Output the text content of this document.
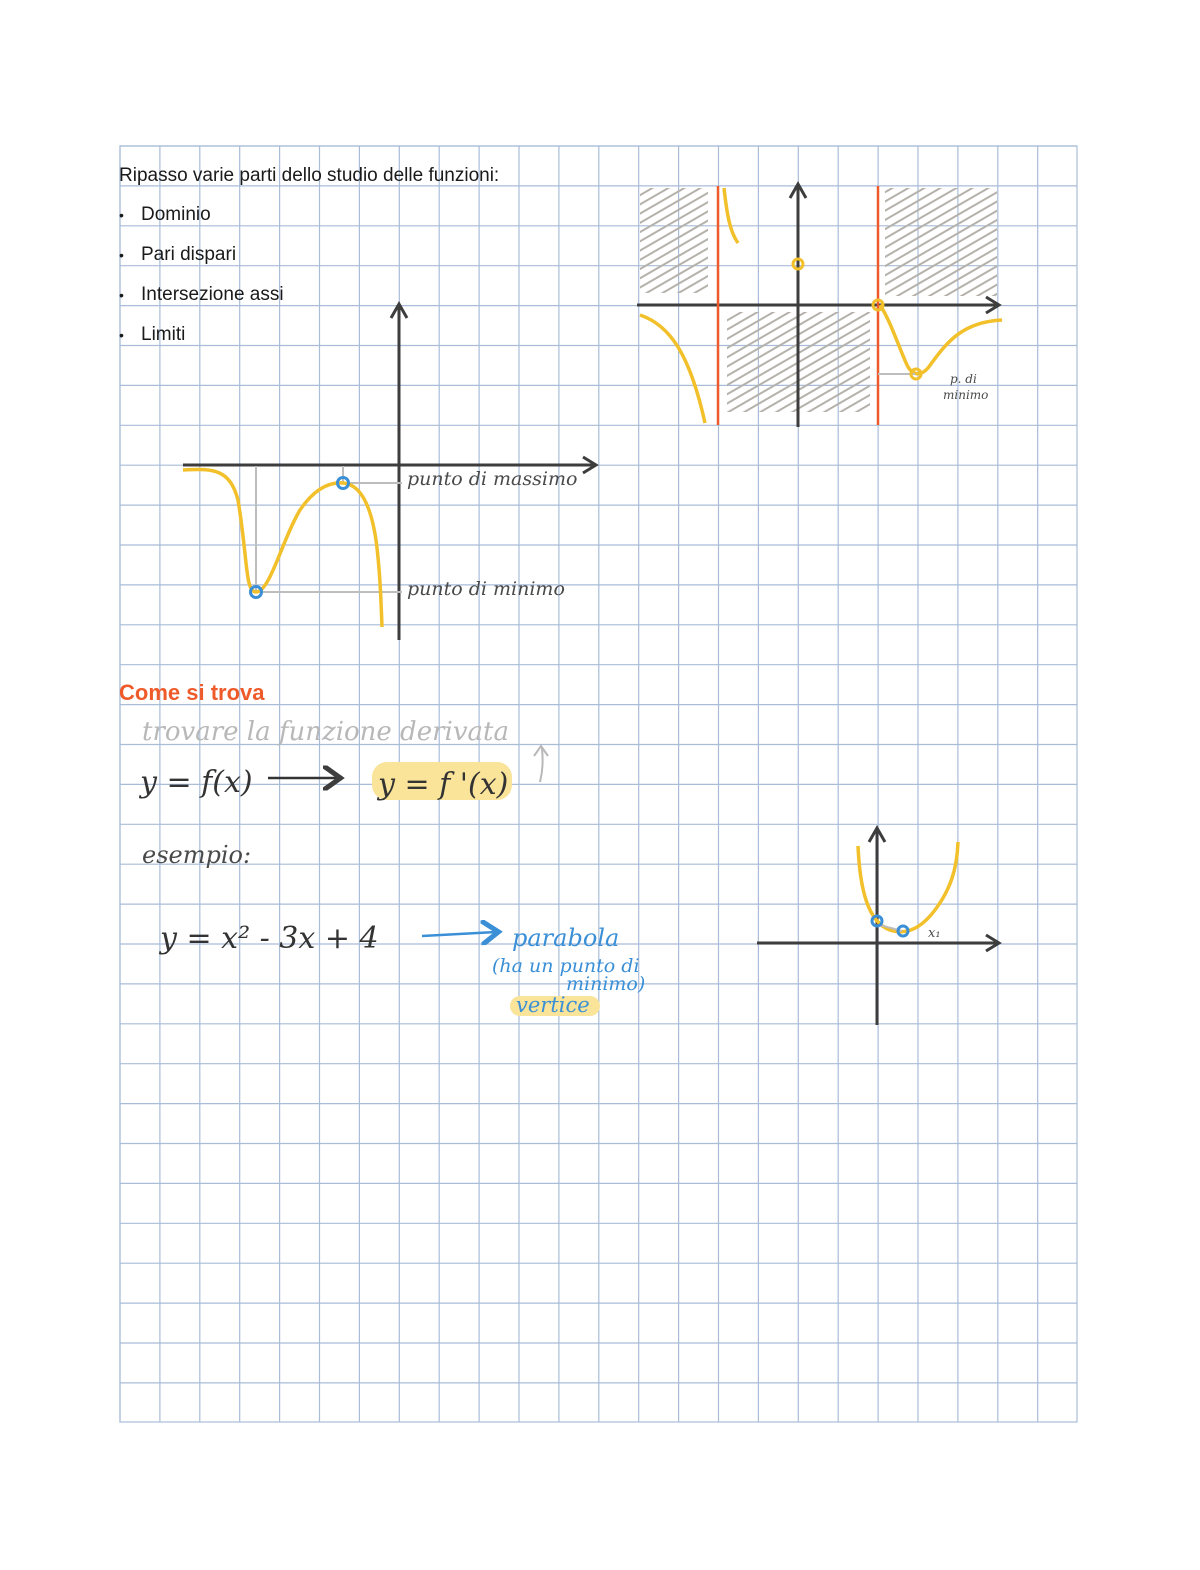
Ripasso varie parti dello studio delle funzioni:

• Dominio
• Pari dispari
• Intersezione assi
• Limiti
Come si trova
punto di massimo
punto di minimo
p. di
minimo
trovare la funzione derivata
y = f(x)	y = f '(x)
esempio:
y = x² - 3x + 4	parabola
(ha un punto di
minimo)
vertice
x₁
